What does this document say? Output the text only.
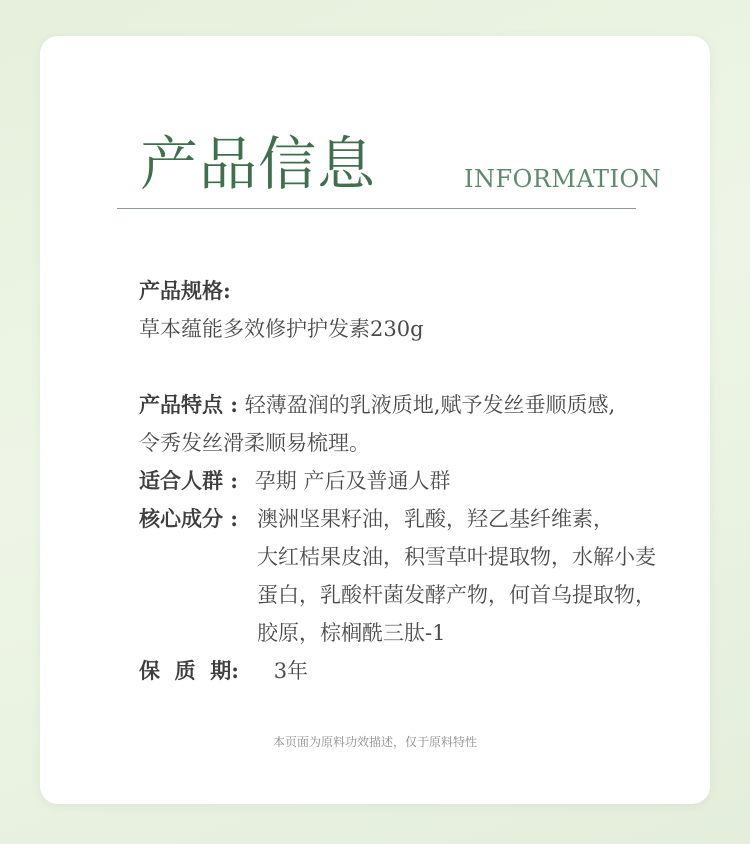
产品信息	INFORMATION
产品规格:
草本蕴能多效修护护发素230g
产品特点 : 轻薄盈润的乳液质地,赋予发丝垂顺质感,
令秀发丝滑柔顺易梳理。
适合人群 : 孕期 产后及普通人群
核心成分 : 澳洲坚果籽油，乳酸，羟乙基纤维素，
大红桔果皮油，积雪草叶提取物，水解小麦
蛋白，乳酸杆菌发酵产物，何首乌提取物，
胶原，棕榈酰三肽-1
保  质  期: 3年
本页面为原料功效描述，仅于原料特性
